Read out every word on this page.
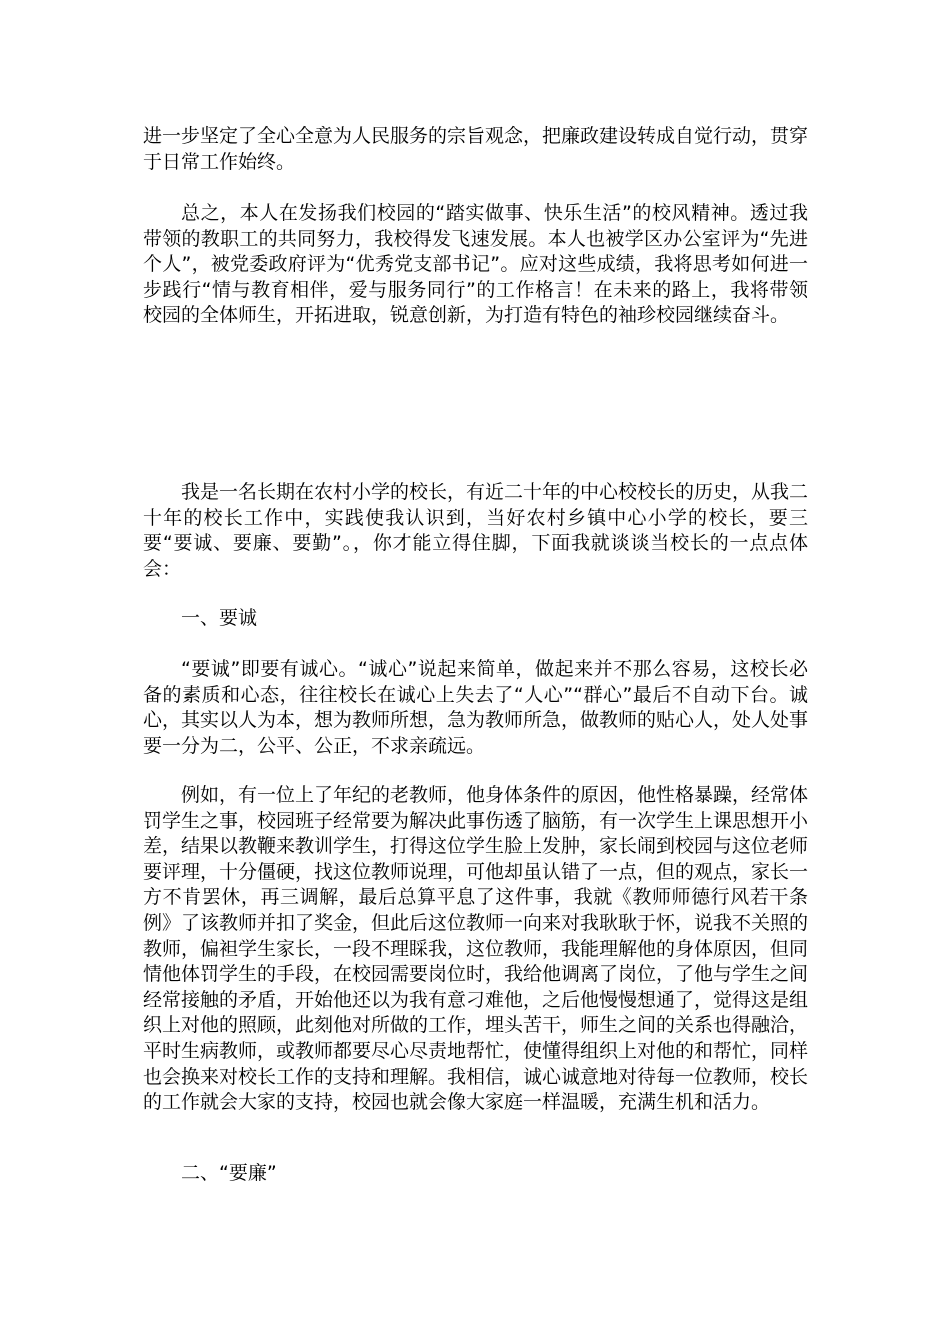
进一步坚定了全心全意为人民服务的宗旨观念，把廉政建设转成自觉行动，贯穿于日常工作始终。

总之，本人在发扬我们校园的“踏实做事、快乐生活”的校风精神。透过我带领的教职工的共同努力，我校得发飞速发展。本人也被学区办公室评为“先进个人”，被党委政府评为“优秀党支部书记”。应对这些成绩，我将思考如何进一步践行“情与教育相伴，爱与服务同行”的工作格言！在未来的路上，我将带领校园的全体师生，开拓进取，锐意创新，为打造有特色的袖珍校园继续奋斗。

我是一名长期在农村小学的校长，有近二十年的中心校校长的历史，从我二十年的校长工作中，实践使我认识到，当好农村乡镇中心小学的校长，要三要“要诚、要廉、要勤”。，你才能立得住脚，下面我就谈谈当校长的一点点体会：

一、要诚

“要诚”即要有诚心。“诚心”说起来简单，做起来并不那么容易，这校长必备的素质和心态，往往校长在诚心上失去了“人心”“群心”最后不自动下台。诚心，其实以人为本，想为教师所想，急为教师所急，做教师的贴心人，处人处事要一分为二，公平、公正，不求亲疏远。

例如，有一位上了年纪的老教师，他身体条件的原因，他性格暴躁，经常体罚学生之事，校园班子经常要为解决此事伤透了脑筋，有一次学生上课思想开小差，结果以教鞭来教训学生，打得这位学生脸上发肿，家长闹到校园与这位老师要评理，十分僵硬，找这位教师说理，可他却虽认错了一点，但的观点，家长一方不肯罢休，再三调解，最后总算平息了这件事，我就《教师师德行风若干条例》了该教师并扣了奖金，但此后这位教师一向来对我耿耿于怀，说我不关照的教师，偏袒学生家长，一段不理睬我，这位教师，我能理解他的身体原因，但同情他体罚学生的手段，在校园需要岗位时，我给他调离了岗位，了他与学生之间经常接触的矛盾，开始他还以为我有意刁难他，之后他慢慢想通了，觉得这是组织上对他的照顾，此刻他对所做的工作，埋头苦干，师生之间的关系也得融洽，平时生病教师，或教师都要尽心尽责地帮忙，使懂得组织上对他的和帮忙，同样也会换来对校长工作的支持和理解。我相信，诚心诚意地对待每一位教师，校长的工作就会大家的支持，校园也就会像大家庭一样温暖，充满生机和活力。

二、“要廉”
